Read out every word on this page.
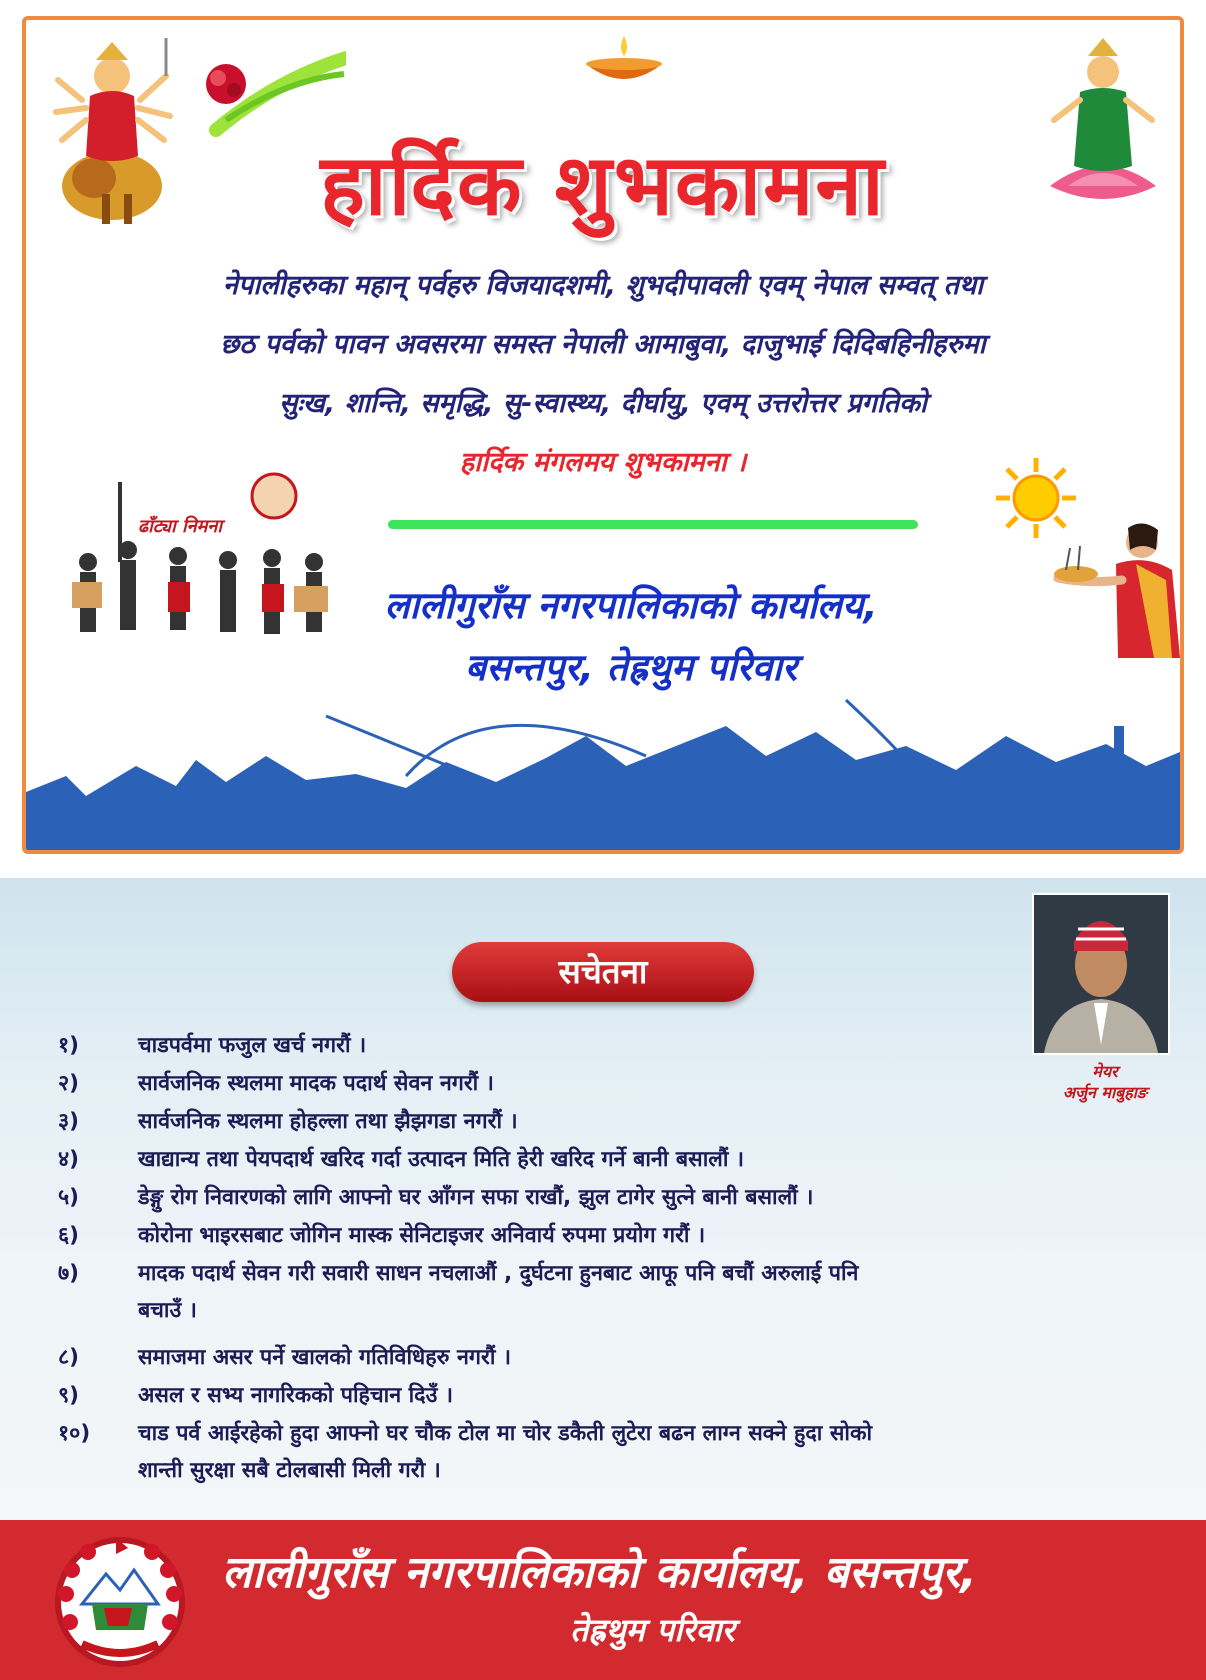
हार्दिक शुभकामना
नेपालीहरुका महान् पर्वहरु विजयादशमी, शुभदीपावली एवम् नेपाल सम्वत् तथा
छठ पर्वको पावन अवसरमा समस्त नेपाली आमाबुवा, दाजुभाई दिदिबहिनीहरुमा
सुःख, शान्ति, समृद्धि, सु-स्वास्थ्य, दीर्घायु, एवम् उत्तरोत्तर प्रगतिको
हार्दिक मंगलमय शुभकामना ।
ढाँट्या निमना
लालीगुराँस नगरपालिकाको कार्यालय,
बसन्तपुर, तेह्रथुम परिवार
सचेतना
मेयर
अर्जुन माबुहाङ
१)	चाडपर्वमा फजुल खर्च नगरौं ।
२)	सार्वजनिक स्थलमा मादक पदार्थ सेवन नगरौं ।
३)	सार्वजनिक स्थलमा होहल्ला तथा झैझगडा नगरौं ।
४)	खाद्यान्य तथा पेयपदार्थ खरिद गर्दा उत्पादन मिति हेरी खरिद गर्ने बानी बसालौं ।
५)	डेङ्गु रोग निवारणको लागि आफ्नो घर आँगन सफा राखौं, झुल टागेर सुत्ने बानी बसालौं ।
६)	कोरोना भाइरसबाट जोगिन मास्क सेनिटाइजर अनिवार्य रुपमा प्रयोग गरौं ।
७)	मादक पदार्थ सेवन गरी सवारी साधन नचलाऔं , दुर्घटना हुनबाट आफू पनि बचौं अरुलाई पनि
बचाउँ ।
८)	समाजमा असर पर्ने खालको गतिविधिहरु नगरौं ।
९)	असल र सभ्य नागरिकको पहिचान दिउँ ।
१०)	चाड पर्व आईरहेको हुदा आफ्नो घर चौक टोल मा चोर डकैती लुटेरा बढन लाग्न सक्ने हुदा सोको
शान्ती सुरक्षा सबै टोलबासी मिली गरौ ।
लालीगुराँस नगरपालिकाको कार्यालय, बसन्तपुर,
तेह्रथुम परिवार
